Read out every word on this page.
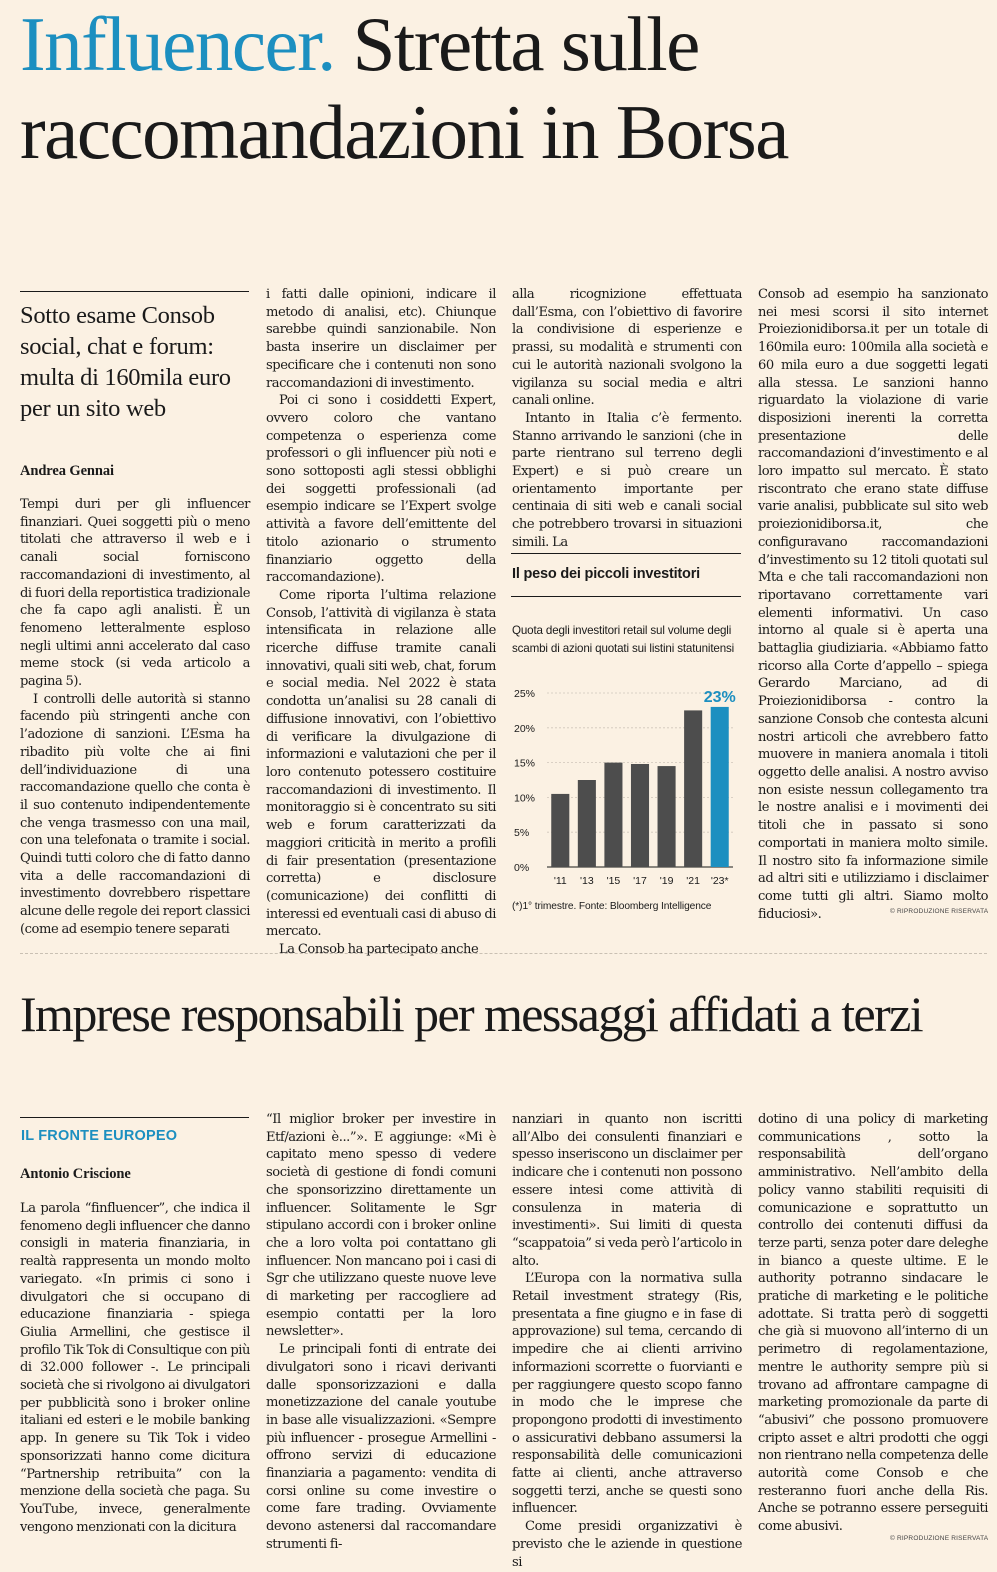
Influencer. Stretta sulle raccomandazioni in Borsa
Sotto esame Consob social, chat e forum: multa di 160mila euro per un sito web
Andrea Gennai

Tempi duri per gli influencer finanziari. Quei soggetti più o meno titolati che attraverso il web e i canali social forniscono raccomandazioni di investimento, al di fuori della reportistica tradizionale che fa capo agli analisti. È un fenomeno letteralmente esploso negli ultimi anni accelerato dal caso meme stock (si veda articolo a pagina 5).

I controlli delle autorità si stanno facendo più stringenti anche con l’adozione di sanzioni. L’Esma ha ribadito più volte che ai fini dell’individuazione di una raccomandazione quello che conta è il suo contenuto indipendentemente che venga trasmesso con una mail, con una telefonata o tramite i social. Quindi tutti coloro che di fatto danno vita a delle raccomandazioni di investimento dovrebbero rispettare alcune delle regole dei report classici (come ad esempio tenere separati

i fatti dalle opinioni, indicare il metodo di analisi, etc). Chiunque sarebbe quindi sanzionabile. Non basta inserire un disclaimer per specificare che i contenuti non sono raccomandazioni di investimento.

Poi ci sono i cosiddetti Expert, ovvero coloro che vantano competenza o esperienza come professori o gli influencer più noti e sono sottoposti agli stessi obblighi dei soggetti professionali (ad esempio indicare se l’Expert svolge attività a favore dell’emittente del titolo azionario o strumento finanziario oggetto della raccomandazione).

Come riporta l’ultima relazione Consob, l’attività di vigilanza è stata intensificata in relazione alle ricerche diffuse tramite canali innovativi, quali siti web, chat, forum e social media. Nel 2022 è stata condotta un’analisi su 28 canali di diffusione innovativi, con l’obiettivo di verificare la divulgazione di informazioni e valutazioni che per il loro contenuto potessero costituire raccomandazioni di investimento. Il monitoraggio si è concentrato su siti web e forum caratterizzati da maggiori criticità in merito a profili di fair presentation (presentazione corretta) e disclosure (comunicazione) dei conflitti di interessi ed eventuali casi di abuso di mercato.

La Consob ha partecipato anche

alla ricognizione effettuata dall’Esma, con l’obiettivo di favorire la condivisione di esperienze e prassi, su modalità e strumenti con cui le autorità nazionali svolgono la vigilanza su social media e altri canali online.

Intanto in Italia c’è fermento. Stanno arrivando le sanzioni (che in parte rientrano sul terreno degli Expert) e si può creare un orientamento importante per centinaia di siti web e canali social che potrebbero trovarsi in situazioni simili. La

Il peso dei piccoli investitori
Quota degli investitori retail sul volume degli scambi di azioni quotati sui listini statunitensi
25%
20%
15%
10%
5%
0%
'11 '13 '15 '17 '19 '21 '23*
23%
(*)1° trimestre. Fonte: Bloomberg Intelligence

Consob ad esempio ha sanzionato nei mesi scorsi il sito internet Proiezionidiborsa.it per un totale di 160mila euro: 100mila alla società e 60 mila euro a due soggetti legati alla stessa. Le sanzioni hanno riguardato la violazione di varie disposizioni inerenti la corretta presentazione delle raccomandazioni d’investimento e al loro impatto sul mercato. È stato riscontrato che erano state diffuse varie analisi, pubblicate sul sito web proiezionidiborsa.it, che configuravano raccomandazioni d’investimento su 12 titoli quotati sul Mta e che tali raccomandazioni non riportavano correttamente vari elementi informativi. Un caso intorno al quale si è aperta una battaglia giudiziaria. «Abbiamo fatto ricorso alla Corte d’appello – spiega Gerardo Marciano, ad di Proiezionidiborsa - contro la sanzione Consob che contesta alcuni nostri articoli che avrebbero fatto muovere in maniera anomala i titoli oggetto delle analisi. A nostro avviso non esiste nessun collegamento tra le nostre analisi e i movimenti dei titoli che in passato si sono comportati in maniera molto simile. Il nostro sito fa informazione simile ad altri siti e utilizziamo i disclaimer come tutti gli altri. Siamo molto fiduciosi».	© RIPRODUZIONE RISERVATA
Imprese responsabili per messaggi affidati a terzi
IL FRONTE EUROPEO
Antonio Criscione

La parola “finfluencer”, che indica il fenomeno degli influencer che danno consigli in materia finanziaria, in realtà rappresenta un mondo molto variegato. «In primis ci sono i divulgatori che si occupano di educazione finanziaria - spiega Giulia Armellini, che gestisce il profilo Tik Tok di Consultique con più di 32.000 follower -. Le principali società che si rivolgono ai divulgatori per pubblicità sono i broker online italiani ed esteri e le mobile banking app. In genere su Tik Tok i video sponsorizzati hanno come dicitura “Partnership retribuita” con la menzione della società che paga. Su YouTube, invece, generalmente vengono menzionati con la dicitura

“Il miglior broker per investire in Etf/azioni è...”». E aggiunge: «Mi è capitato meno spesso di vedere società di gestione di fondi comuni che sponsorizzino direttamente un influencer. Solitamente le Sgr stipulano accordi con i broker online che a loro volta poi contattano gli influencer. Non mancano poi i casi di Sgr che utilizzano queste nuove leve di marketing per raccogliere ad esempio contatti per la loro newsletter».

Le principali fonti di entrate dei divulgatori sono i ricavi derivanti dalle sponsorizzazioni e dalla monetizzazione del canale youtube in base alle visualizzazioni. «Sempre più influencer - prosegue Armellini - offrono servizi di educazione finanziaria a pagamento: vendita di corsi online su come investire o come fare trading. Ovviamente devono astenersi dal raccomandare strumenti fi-

nanziari in quanto non iscritti all’Albo dei consulenti finanziari e spesso inseriscono un disclaimer per indicare che i contenuti non possono essere intesi come attività di consulenza in materia di investimenti». Sui limiti di questa “scappatoia” si veda però l’articolo in alto.

L’Europa con la normativa sulla Retail investment strategy (Ris, presentata a fine giugno e in fase di approvazione) sul tema, cercando di impedire che ai clienti arrivino informazioni scorrette o fuorvianti e per raggiungere questo scopo fanno in modo che le imprese che propongono prodotti di investimento o assicurativi debbano assumersi la responsabilità delle comunicazioni fatte ai clienti, anche attraverso soggetti terzi, anche se questi sono influencer.

Come presidi organizzativi è previsto che le aziende in questione si

dotino di una policy di marketing communications , sotto la responsabilità dell’organo amministrativo. Nell’ambito della policy vanno stabiliti requisiti di comunicazione e soprattutto un controllo dei contenuti diffusi da terze parti, senza poter dare deleghe in bianco a queste ultime. E le authority potranno sindacare le pratiche di marketing e le politiche adottate. Si tratta però di soggetti che già si muovono all’interno di un perimetro di regolamentazione, mentre le authority sempre più si trovano ad affrontare campagne di marketing promozionale da parte di “abusivi” che possono promuovere cripto asset e altri prodotti che oggi non rientrano nella competenza delle autorità come Consob e che resteranno fuori anche della Ris. Anche se potranno essere perseguiti come abusivi.

© RIPRODUZIONE RISERVATA
